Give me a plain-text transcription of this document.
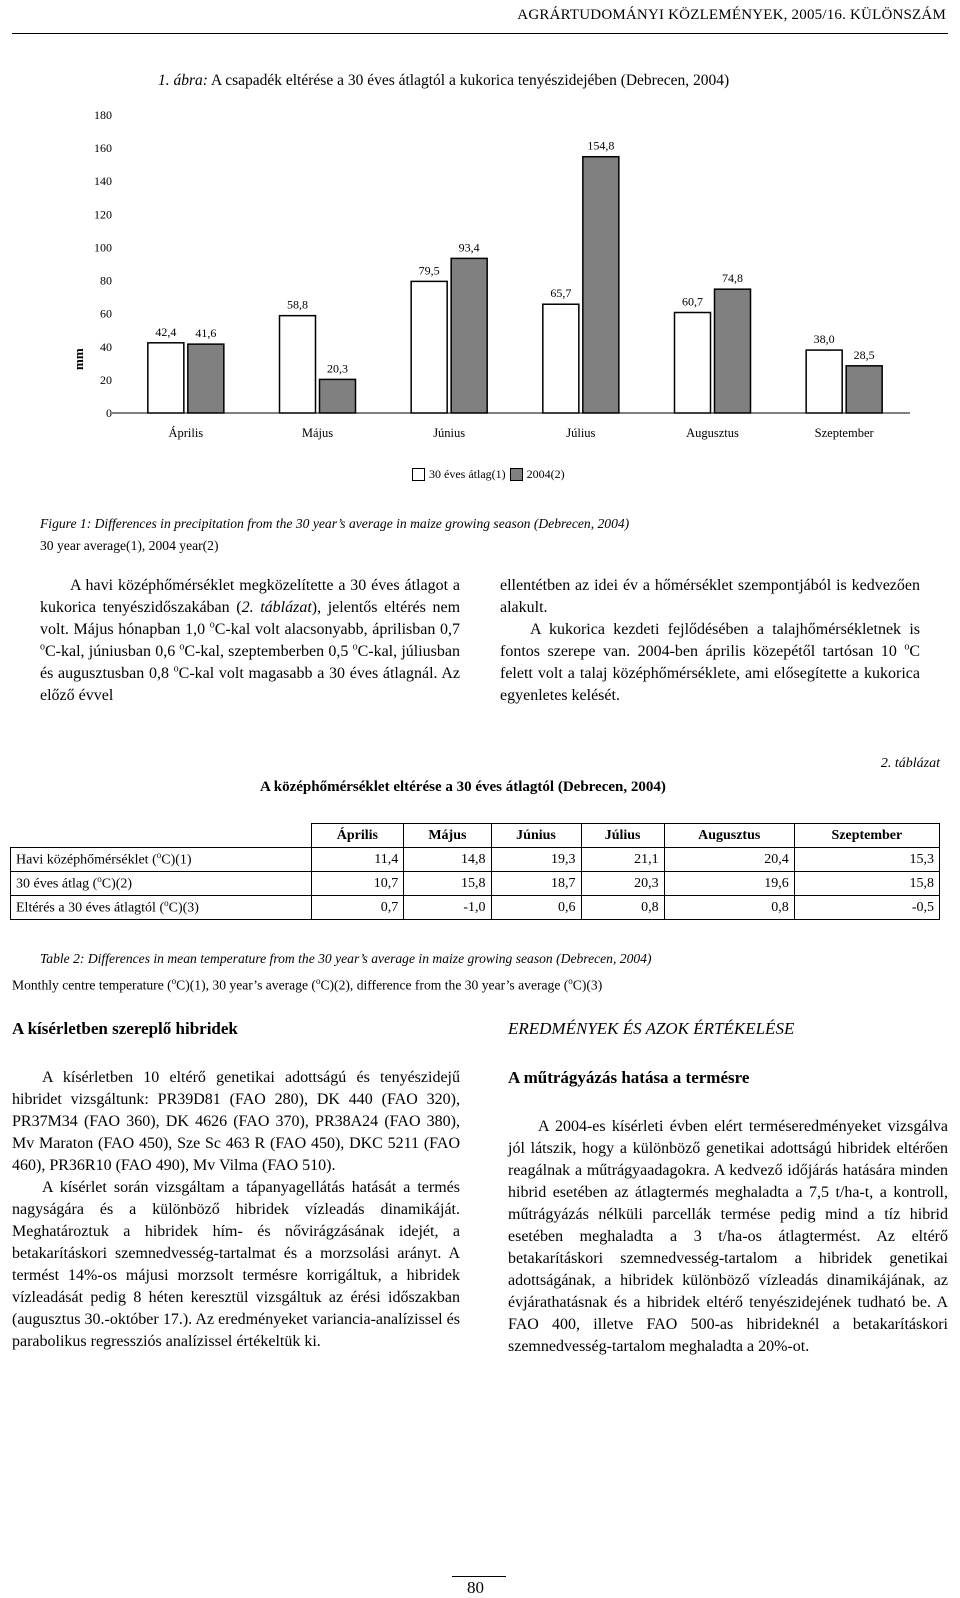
AGRÁRTUDOMÁNYI KÖZLEMÉNYEK, 2005/16. KÜLÖNSZÁM
1. ábra: A csapadék eltérése a 30 éves átlagtól a kukorica tenyészidejében (Debrecen, 2004)
mm
0
20
40
60
80
100
120
140
160
180
42,4 41,6
58,8
20,3
79,5
93,4
65,7
154,8
60,7
74,8
38,0
28,5
Április	Május	Június	Július	Augusztus	Szeptember
30 éves átlag(1) 2004(2)
Figure 1: Differences in precipitation from the 30 year’s average in maize growing season (Debrecen, 2004)
30 year average(1), 2004 year(2)

A havi középhőmérséklet megközelítette a 30 éves átlagot a kukorica tenyészidőszakában (2. táblázat), jelentős eltérés nem volt. Május hónapban 1,0 $^o$C-kal volt alacsonyabb, áprilisban 0,7 $^o$C-kal, júniusban 0,6 $^o$C-kal, szeptemberben 0,5 $^o$C-kal, júliusban és augusztusban 0,8 $^o$C-kal volt magasabb a 30 éves átlagnál. Az előző évvel

ellentétben az idei év a hőmérséklet szempontjából is kedvezően alakult.

A kukorica kezdeti fejlődésében a talajhőmérsékletnek is fontos szerepe van. 2004-ben április közepétől tartósan 10 $^o$C felett volt a talaj középhőmérséklete, ami elősegítette a kukorica egyenletes kelését.

2. táblázat
A középhőmérséklet eltérése a 30 éves átlagtól (Debrecen, 2004)
	Április	Május	Június	Július	Augusztus	Szeptember
Havi középhőmérséklet ($^o$C)(1)	11,4	14,8	19,3	21,1	20,4	15,3
30 éves átlag ($^o$C)(2)	10,7	15,8	18,7	20,3	19,6	15,8
Eltérés a 30 éves átlagtól ($^o$C)(3)	0,7	-1,0	0,6	0,8	0,8	-0,5
Table 2: Differences in mean temperature from the 30 year’s average in maize growing season (Debrecen, 2004)
Monthly centre temperature ($^o$C)(1), 30 year’s average ($^o$C)(2), difference from the 30 year’s average ($^o$C)(3)
A kísérletben szereplő hibridek

A kísérletben 10 eltérő genetikai adottságú és tenyészidejű hibridet vizsgáltunk: PR39D81 (FAO 280), DK 440 (FAO 320), PR37M34 (FAO 360), DK 4626 (FAO 370), PR38A24 (FAO 380), Mv Maraton (FAO 450), Sze Sc 463 R (FAO 450), DKC 5211 (FAO 460), PR36R10 (FAO 490), Mv Vilma (FAO 510).

A kísérlet során vizsgáltam a tápanyagellátás hatását a termés nagyságára és a különböző hibridek vízleadás dinamikáját. Meghatároztuk a hibridek hím- és nővirágzásának idejét, a betakarításkori szemnedvesség-tartalmat és a morzsolási arányt. A termést 14%-os májusi morzsolt termésre korrigáltuk, a hibridek vízleadását pedig 8 héten keresztül vizsgáltuk az érési időszakban (augusztus 30.-október 17.). Az eredményeket variancia-analízissel és parabolikus regressziós analízissel értékeltük ki.

EREDMÉNYEK ÉS AZOK ÉRTÉKELÉSE
A műtrágyázás hatása a termésre

A 2004-es kísérleti évben elért terméseredményeket vizsgálva jól látszik, hogy a különböző genetikai adottságú hibridek eltérően reagálnak a műtrágyaadagokra. A kedvező időjárás hatására minden hibrid esetében az átlagtermés meghaladta a 7,5 t/ha-t, a kontroll, műtrágyázás nélküli parcellák termése pedig mind a tíz hibrid esetében meghaladta a 3 t/ha-os átlagtermést. Az eltérő betakarításkori szemnedvesség-tartalom a hibridek genetikai adottságának, a hibridek különböző vízleadás dinamikájának, az évjárathatásnak és a hibridek eltérő tenyészidejének tudható be. A FAO 400, illetve FAO 500-as hibrideknél a betakarításkori szemnedvesség-tartalom meghaladta a 20%-ot.

80
